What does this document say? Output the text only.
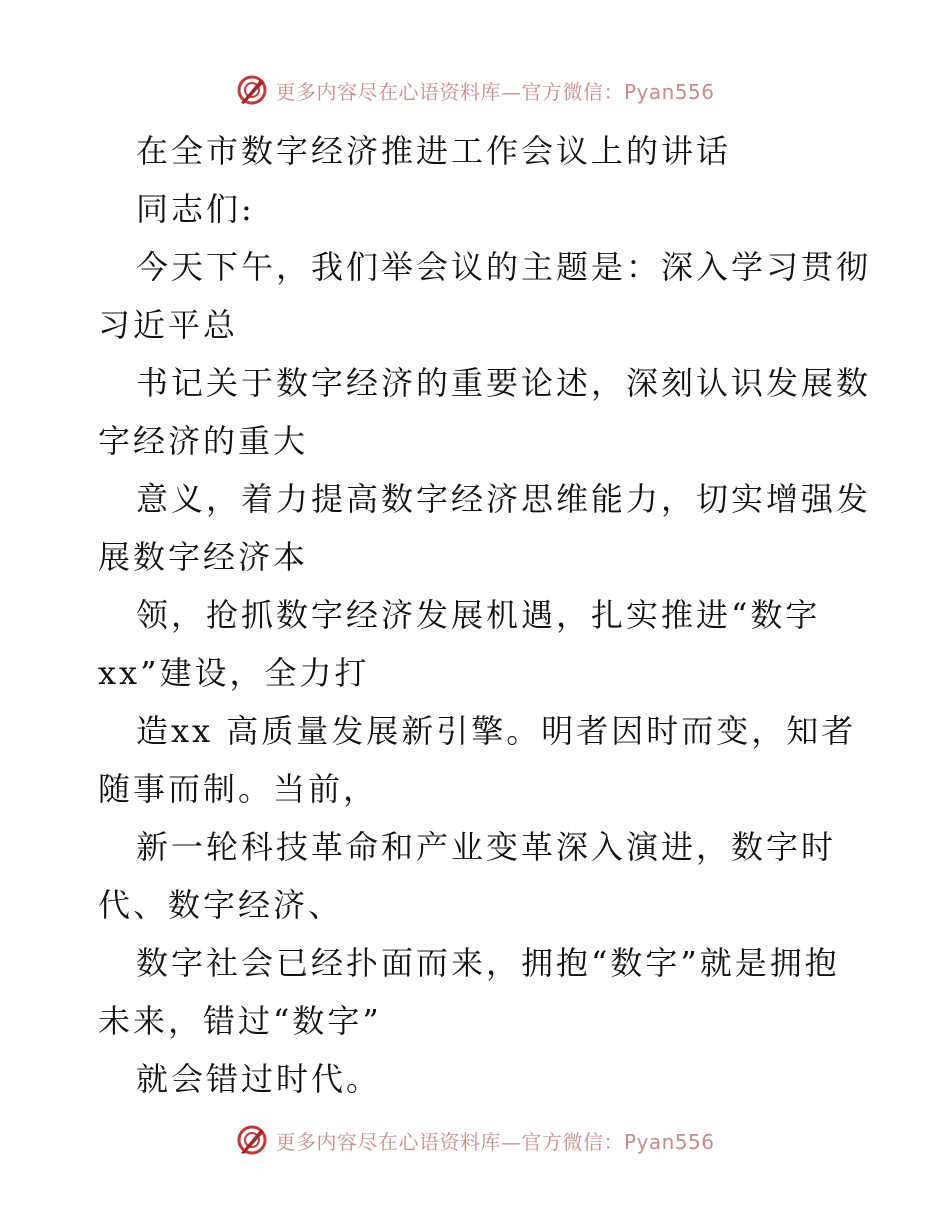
更多内容尽在心语资料库—官方微信：Pyan556
在全市数字经济推进工作会议上的讲话
同志们:
今天下午，我们举会议的主题是：深入学习贯彻
习近平总
书记关于数字经济的重要论述，深刻认识发展数
字经济的重大
意义，着力提高数字经济思维能力，切实增强发
展数字经济本
领，抢抓数字经济发展机遇，扎实推进“数字
xx”建设，全力打
造xx 高质量发展新引擎。明者因时而变，知者
随事而制。当前，
新一轮科技革命和产业变革深入演进，数字时
代、数字经济、
数字社会已经扑面而来，拥抱“数字”就是拥抱
未来，错过“数字”
就会错过时代。
更多内容尽在心语资料库—官方微信：Pyan556
